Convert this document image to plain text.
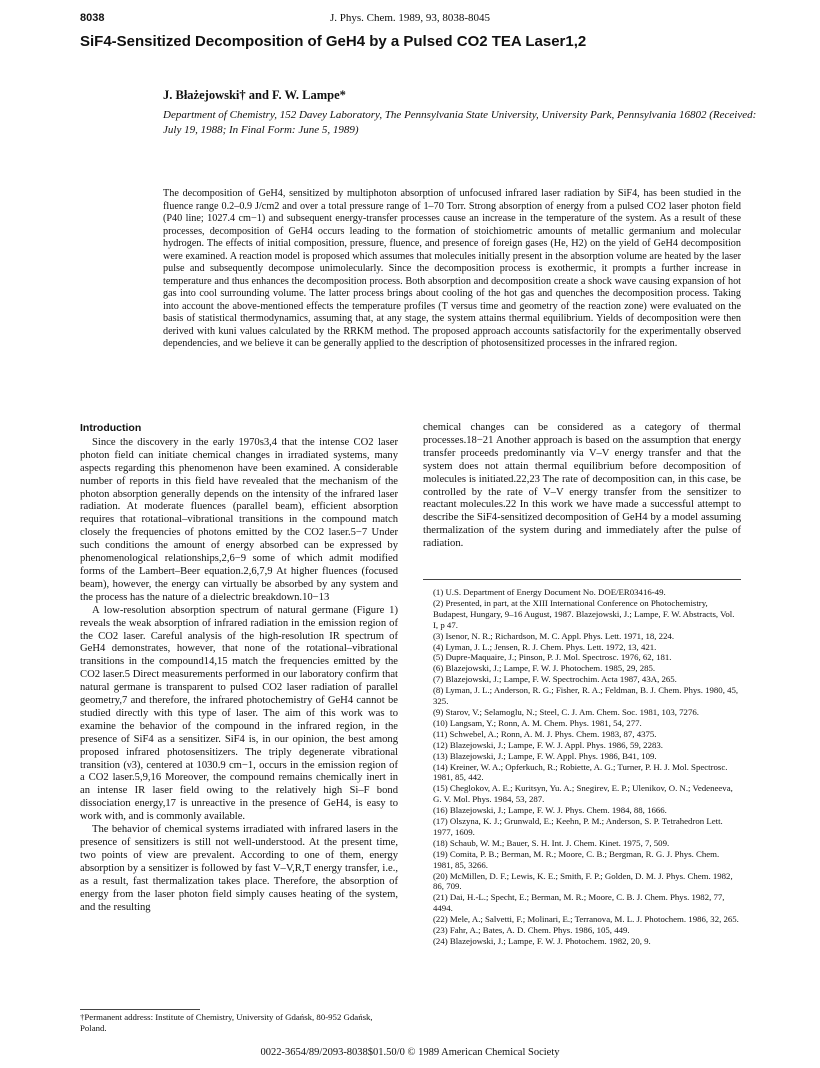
8038	J. Phys. Chem. 1989, 93, 8038-8045
SiF4-Sensitized Decomposition of GeH4 by a Pulsed CO2 TEA Laser1,2
J. Błażejowski† and F. W. Lampe*
Department of Chemistry, 152 Davey Laboratory, The Pennsylvania State University, University Park, Pennsylvania 16802 (Received: July 19, 1988; In Final Form: June 5, 1989)
The decomposition of GeH4, sensitized by multiphoton absorption of unfocused infrared laser radiation by SiF4, has been studied in the fluence range 0.2–0.9 J/cm2 and over a total pressure range of 1–70 Torr. Strong absorption of energy from a pulsed CO2 laser photon field (P40 line; 1027.4 cm−1) and subsequent energy-transfer processes cause an increase in the temperature of the system. As a result of these processes, decomposition of GeH4 occurs leading to the formation of stoichiometric amounts of metallic germanium and molecular hydrogen. The effects of initial composition, pressure, fluence, and presence of foreign gases (He, H2) on the yield of GeH4 decomposition were examined. A reaction model is proposed which assumes that molecules initially present in the absorption volume are heated by the laser pulse and subsequently decompose unimolecularly. Since the decomposition process is exothermic, it prompts a further increase in temperature and thus enhances the decomposition process. Both absorption and decomposition create a shock wave causing expansion of hot gas into cool surrounding volume. The latter process brings about cooling of the hot gas and quenches the decomposition process. Taking into account the above-mentioned effects the temperature profiles (T versus time and geometry of the reaction zone) were evaluated on the basis of statistical thermodynamics, assuming that, at any stage, the system attains thermal equilibrium. Yields of decomposition were then derived with kuni values calculated by the RRKM method. The proposed approach accounts satisfactorily for the experimentally observed dependencies, and we believe it can be generally applied to the description of photosensitized processes in the infrared region.
Introduction

Since the discovery in the early 1970s3,4 that the intense CO2 laser photon field can initiate chemical changes in irradiated systems, many aspects regarding this phenomenon have been examined. A considerable number of reports in this field have revealed that the mechanism of the photon absorption generally depends on the intensity of the infrared laser radiation. At moderate fluences (parallel beam), efficient absorption requires that rotational–vibrational transitions in the compound match closely the frequencies of photons emitted by the CO2 laser.5−7 Under such conditions the amount of energy absorbed can be expressed by phenomenological relationships,2,6−9 some of which admit modified forms of the Lambert–Beer equation.2,6,7,9 At higher fluences (focused beam), however, the energy can virtually be absorbed by any system and the process has the nature of a dielectric breakdown.10−13

A low-resolution absorption spectrum of natural germane (Figure 1) reveals the weak absorption of infrared radiation in the emission region of the CO2 laser. Careful analysis of the high-resolution IR spectrum of GeH4 demonstrates, however, that none of the rotational–vibrational transitions in the compound14,15 match the frequencies emitted by the CO2 laser.5 Direct measurements performed in our laboratory confirm that natural germane is transparent to pulsed CO2 laser radiation of parallel geometry,7 and therefore, the infrared photochemistry of GeH4 cannot be studied directly with this type of laser. The aim of this work was to examine the behavior of the compound in the infrared region, in the presence of SiF4 as a sensitizer. SiF4 is, in our opinion, the best among proposed infrared photosensitizers. The triply degenerate vibrational transition (ν3), centered at 1030.9 cm−1, occurs in the emission region of a CO2 laser.5,9,16 Moreover, the compound remains chemically inert in an intense IR laser field owing to the relatively high Si–F bond dissociation energy,17 is unreactive in the presence of GeH4, is easy to work with, and is commonly available.

The behavior of chemical systems irradiated with infrared lasers in the presence of sensitizers is still not well-understood. At the present time, two points of view are prevalent. According to one of them, energy absorption by a sensitizer is followed by fast V–V,R,T energy transfer, i.e., as a result, fast thermalization takes place. Therefore, the absorption of energy from the laser photon field simply causes heating of the system, and the resulting

chemical changes can be considered as a category of thermal processes.18−21 Another approach is based on the assumption that energy transfer proceeds predominantly via V–V energy transfer and that the system does not attain thermal equilibrium before decomposition of molecules is initiated.22,23 The rate of decomposition can, in this case, be controlled by the rate of V–V energy transfer from the sensitizer to reactant molecules.22 In this work we have made a successful attempt to describe the SiF4-sensitized decomposition of GeH4 by a model assuming thermalization of the system during and immediately after the pulse of radiation.

(1) U.S. Department of Energy Document No. DOE/ER03416-49.
(2) Presented, in part, at the XIII International Conference on Photochemistry, Budapest, Hungary, 9–16 August, 1987. Blazejowski, J.; Lampe, F. W. Abstracts, Vol. I, p 47.
(3) Isenor, N. R.; Richardson, M. C. Appl. Phys. Lett. 1971, 18, 224.
(4) Lyman, J. L.; Jensen, R. J. Chem. Phys. Lett. 1972, 13, 421.
(5) Dupre-Maquaire, J.; Pinson, P. J. Mol. Spectrosc. 1976, 62, 181.
(6) Blazejowski, J.; Lampe, F. W. J. Photochem. 1985, 29, 285.
(7) Blazejowski, J.; Lampe, F. W. Spectrochim. Acta 1987, 43A, 265.
(8) Lyman, J. L.; Anderson, R. G.; Fisher, R. A.; Feldman, B. J. Chem. Phys. 1980, 45, 325.
(9) Starov, V.; Selamoglu, N.; Steel, C. J. Am. Chem. Soc. 1981, 103, 7276.
(10) Langsam, Y.; Ronn, A. M. Chem. Phys. 1981, 54, 277.
(11) Schwebel, A.; Ronn, A. M. J. Phys. Chem. 1983, 87, 4375.
(12) Blazejowski, J.; Lampe, F. W. J. Appl. Phys. 1986, 59, 2283.
(13) Blazejowski, J.; Lampe, F. W. Appl. Phys. 1986, B41, 109.
(14) Kreiner, W. A.; Opferkuch, R.; Robiette, A. G.; Turner, P. H. J. Mol. Spectrosc. 1981, 85, 442.
(15) Cheglokov, A. E.; Kuritsyn, Yu. A.; Snegirev, E. P.; Ulenikov, O. N.; Vedeneeva, G. V. Mol. Phys. 1984, 53, 287.
(16) Blazejowski, J.; Lampe, F. W. J. Phys. Chem. 1984, 88, 1666.
(17) Olszyna, K. J.; Grunwald, E.; Keehn, P. M.; Anderson, S. P. Tetrahedron Lett. 1977, 1609.
(18) Schaub, W. M.; Bauer, S. H. Int. J. Chem. Kinet. 1975, 7, 509.
(19) Comita, P. B.; Berman, M. R.; Moore, C. B.; Bergman, R. G. J. Phys. Chem. 1981, 85, 3266.
(20) McMillen, D. F.; Lewis, K. E.; Smith, F. P.; Golden, D. M. J. Phys. Chem. 1982, 86, 709.
(21) Dai, H.-L.; Specht, E.; Berman, M. R.; Moore, C. B. J. Chem. Phys. 1982, 77, 4494.
(22) Mele, A.; Salvetti, F.; Molinari, E.; Terranova, M. L. J. Photochem. 1986, 32, 265.
(23) Fahr, A.; Bates, A. D. Chem. Phys. 1986, 105, 449.
(24) Blazejowski, J.; Lampe, F. W. J. Photochem. 1982, 20, 9.
†Permanent address: Institute of Chemistry, University of Gdańsk, 80-952 Gdańsk, Poland.
0022-3654/89/2093-8038$01.50/0 © 1989 American Chemical Society
